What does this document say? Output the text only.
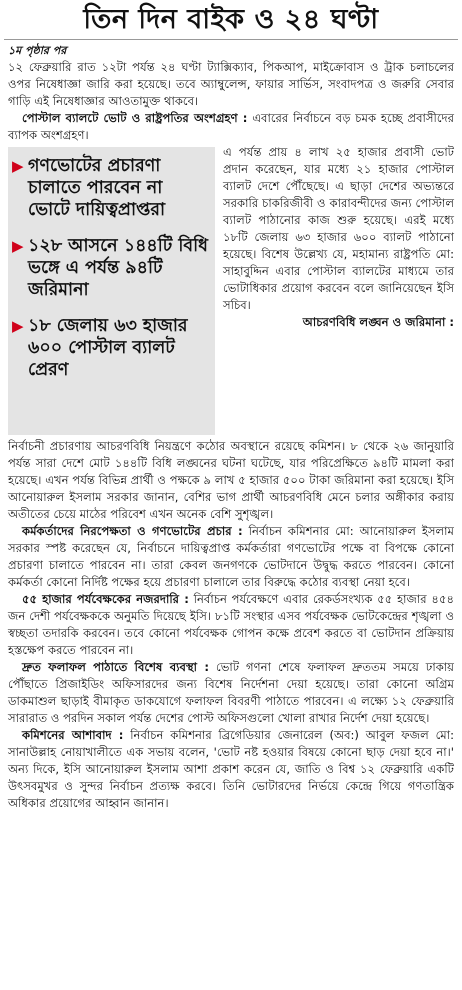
তিন দিন বাইক ও ২৪ ঘণ্টা

১ম পৃষ্ঠার পর

১২ ফেব্রুয়ারি রাত ১২টা পর্যন্ত ২৪ ঘণ্টা ট্যাক্সিক্যাব, পিকআপ, মাইক্রোবাস ও ট্রাক চলাচলের ওপর নিষেধাজ্ঞা জারি করা হয়েছে। তবে অ্যাম্বুলেন্স, ফায়ার সার্ভিস, সংবাদপত্র ও জরুরি সেবার গাড়ি এই নিষেধাজ্ঞার আওতামুক্ত থাকবে।

পোস্টাল ব্যালটে ভোট ও রাষ্ট্রপতির অংশগ্রহণ : এবারের নির্বাচনে বড় চমক হচ্ছে প্রবাসীদের ব্যাপক অংশগ্রহণ।

▶ গণভোটের প্রচারণা চালাতে পারবেন না ভোটে দায়িত্বপ্রাপ্তরা
▶ ১২৮ আসনে ১৪৪টি বিধি ভঙ্গে এ পর্যন্ত ৯৪টি জরিমানা
▶ ১৮ জেলায় ৬৩ হাজার ৬০০ পোস্টাল ব্যালট প্রেরণ

এ পর্যন্ত প্রায় ৪ লাখ ২৫ হাজার প্রবাসী ভোট প্রদান করেছেন, যার মধ্যে ২১ হাজার পোস্টাল ব্যালট দেশে পৌঁছেছে। এ ছাড়া দেশের অভ্যন্তরে সরকারি চাকরিজীবী ও কারাবন্দীদের জন্য পোস্টাল ব্যালট পাঠানোর কাজ শুরু হয়েছে। এরই মধ্যে ১৮টি জেলায় ৬৩ হাজার ৬০০ ব্যালট পাঠানো হয়েছে। বিশেষ উল্লেখ্য যে, মহামান্য রাষ্ট্রপতি মো: সাহাবুদ্দিন এবার পোস্টাল ব্যালটের মাধ্যমে তার ভোটাধিকার প্রয়োগ করবেন বলে জানিয়েছেন ইসি সচিব।

আচরণবিধি লঙ্ঘন ও জরিমানা :

নির্বাচনী প্রচারণায় আচরণবিধি নিয়ন্ত্রণে কঠোর অবস্থানে রয়েছে কমিশন। ৮ থেকে ২৬ জানুয়ারি পর্যন্ত সারা দেশে মোট ১৪৪টি বিধি লঙ্ঘনের ঘটনা ঘটেছে, যার পরিপ্রেক্ষিতে ৯৪টি মামলা করা হয়েছে। এখন পর্যন্ত বিভিন্ন প্রার্থী ও পক্ষকে ৯ লাখ ৫ হাজার ৫০০ টাকা জরিমানা করা হয়েছে। ইসি আনোয়ারুল ইসলাম সরকার জানান, বেশির ভাগ প্রার্থী আচরণবিধি মেনে চলার অঙ্গীকার করায় অতীতের চেয়ে মাঠের পরিবেশ এখন অনেক বেশি সুশৃঙ্খল।

কর্মকর্তাদের নিরপেক্ষতা ও গণভোটের প্রচার : নির্বাচন কমিশনার মো: আনোয়ারুল ইসলাম সরকার স্পষ্ট করেছেন যে, নির্বাচনে দায়িত্বপ্রাপ্ত কর্মকর্তারা গণভোটের পক্ষে বা বিপক্ষে কোনো প্রচারণা চালাতে পারবেন না। তারা কেবল জনগণকে ভোটদানে উদ্বুদ্ধ করতে পারবেন। কোনো কর্মকর্তা কোনো নির্দিষ্ট পক্ষের হয়ে প্রচারণা চালালে তার বিরুদ্ধে কঠোর ব্যবস্থা নেয়া হবে।

৫৫ হাজার পর্যবেক্ষকের নজরদারি : নির্বাচন পর্যবেক্ষণে এবার রেকর্ডসংখ্যক ৫৫ হাজার ৪৫৪ জন দেশী পর্যবেক্ষককে অনুমতি দিয়েছে ইসি। ৮১টি সংস্থার এসব পর্যবেক্ষক ভোটকেন্দ্রের শৃঙ্খলা ও স্বচ্ছতা তদারকি করবেন। তবে কোনো পর্যবেক্ষক গোপন কক্ষে প্রবেশ করতে বা ভোটদান প্রক্রিয়ায় হস্তক্ষেপ করতে পারবেন না।

দ্রুত ফলাফল পাঠাতে বিশেষ ব্যবস্থা : ভোট গণনা শেষে ফলাফল দ্রুততম সময়ে ঢাকায় পৌঁছাতে প্রিজাইডিং অফিসারদের জন্য বিশেষ নির্দেশনা দেয়া হয়েছে। তারা কোনো অগ্রিম ডাকমাশুল ছাড়াই বীমাকৃত ডাকযোগে ফলাফল বিবরণী পাঠাতে পারবেন। এ লক্ষ্যে ১২ ফেব্রুয়ারি সারারাত ও পরদিন সকাল পর্যন্ত দেশের পোস্ট অফিসগুলো খোলা রাখার নির্দেশ দেয়া হয়েছে।

কমিশনের আশাবাদ : নির্বাচন কমিশনার ব্রিগেডিয়ার জেনারেল (অব:) আবুল ফজল মো: সানাউল্লাহ নোয়াখালীতে এক সভায় বলেন, 'ভোট নষ্ট হওয়ার বিষয়ে কোনো ছাড় দেয়া হবে না।' অন্য দিকে, ইসি আনোয়ারুল ইসলাম আশা প্রকাশ করেন যে, জাতি ও বিশ্ব ১২ ফেব্রুয়ারি একটি উৎসবমুখর ও সুন্দর নির্বাচন প্রত্যক্ষ করবে। তিনি ভোটারদের নির্ভয়ে কেন্দ্রে গিয়ে গণতান্ত্রিক অধিকার প্রয়োগের আহ্বান জানান।
